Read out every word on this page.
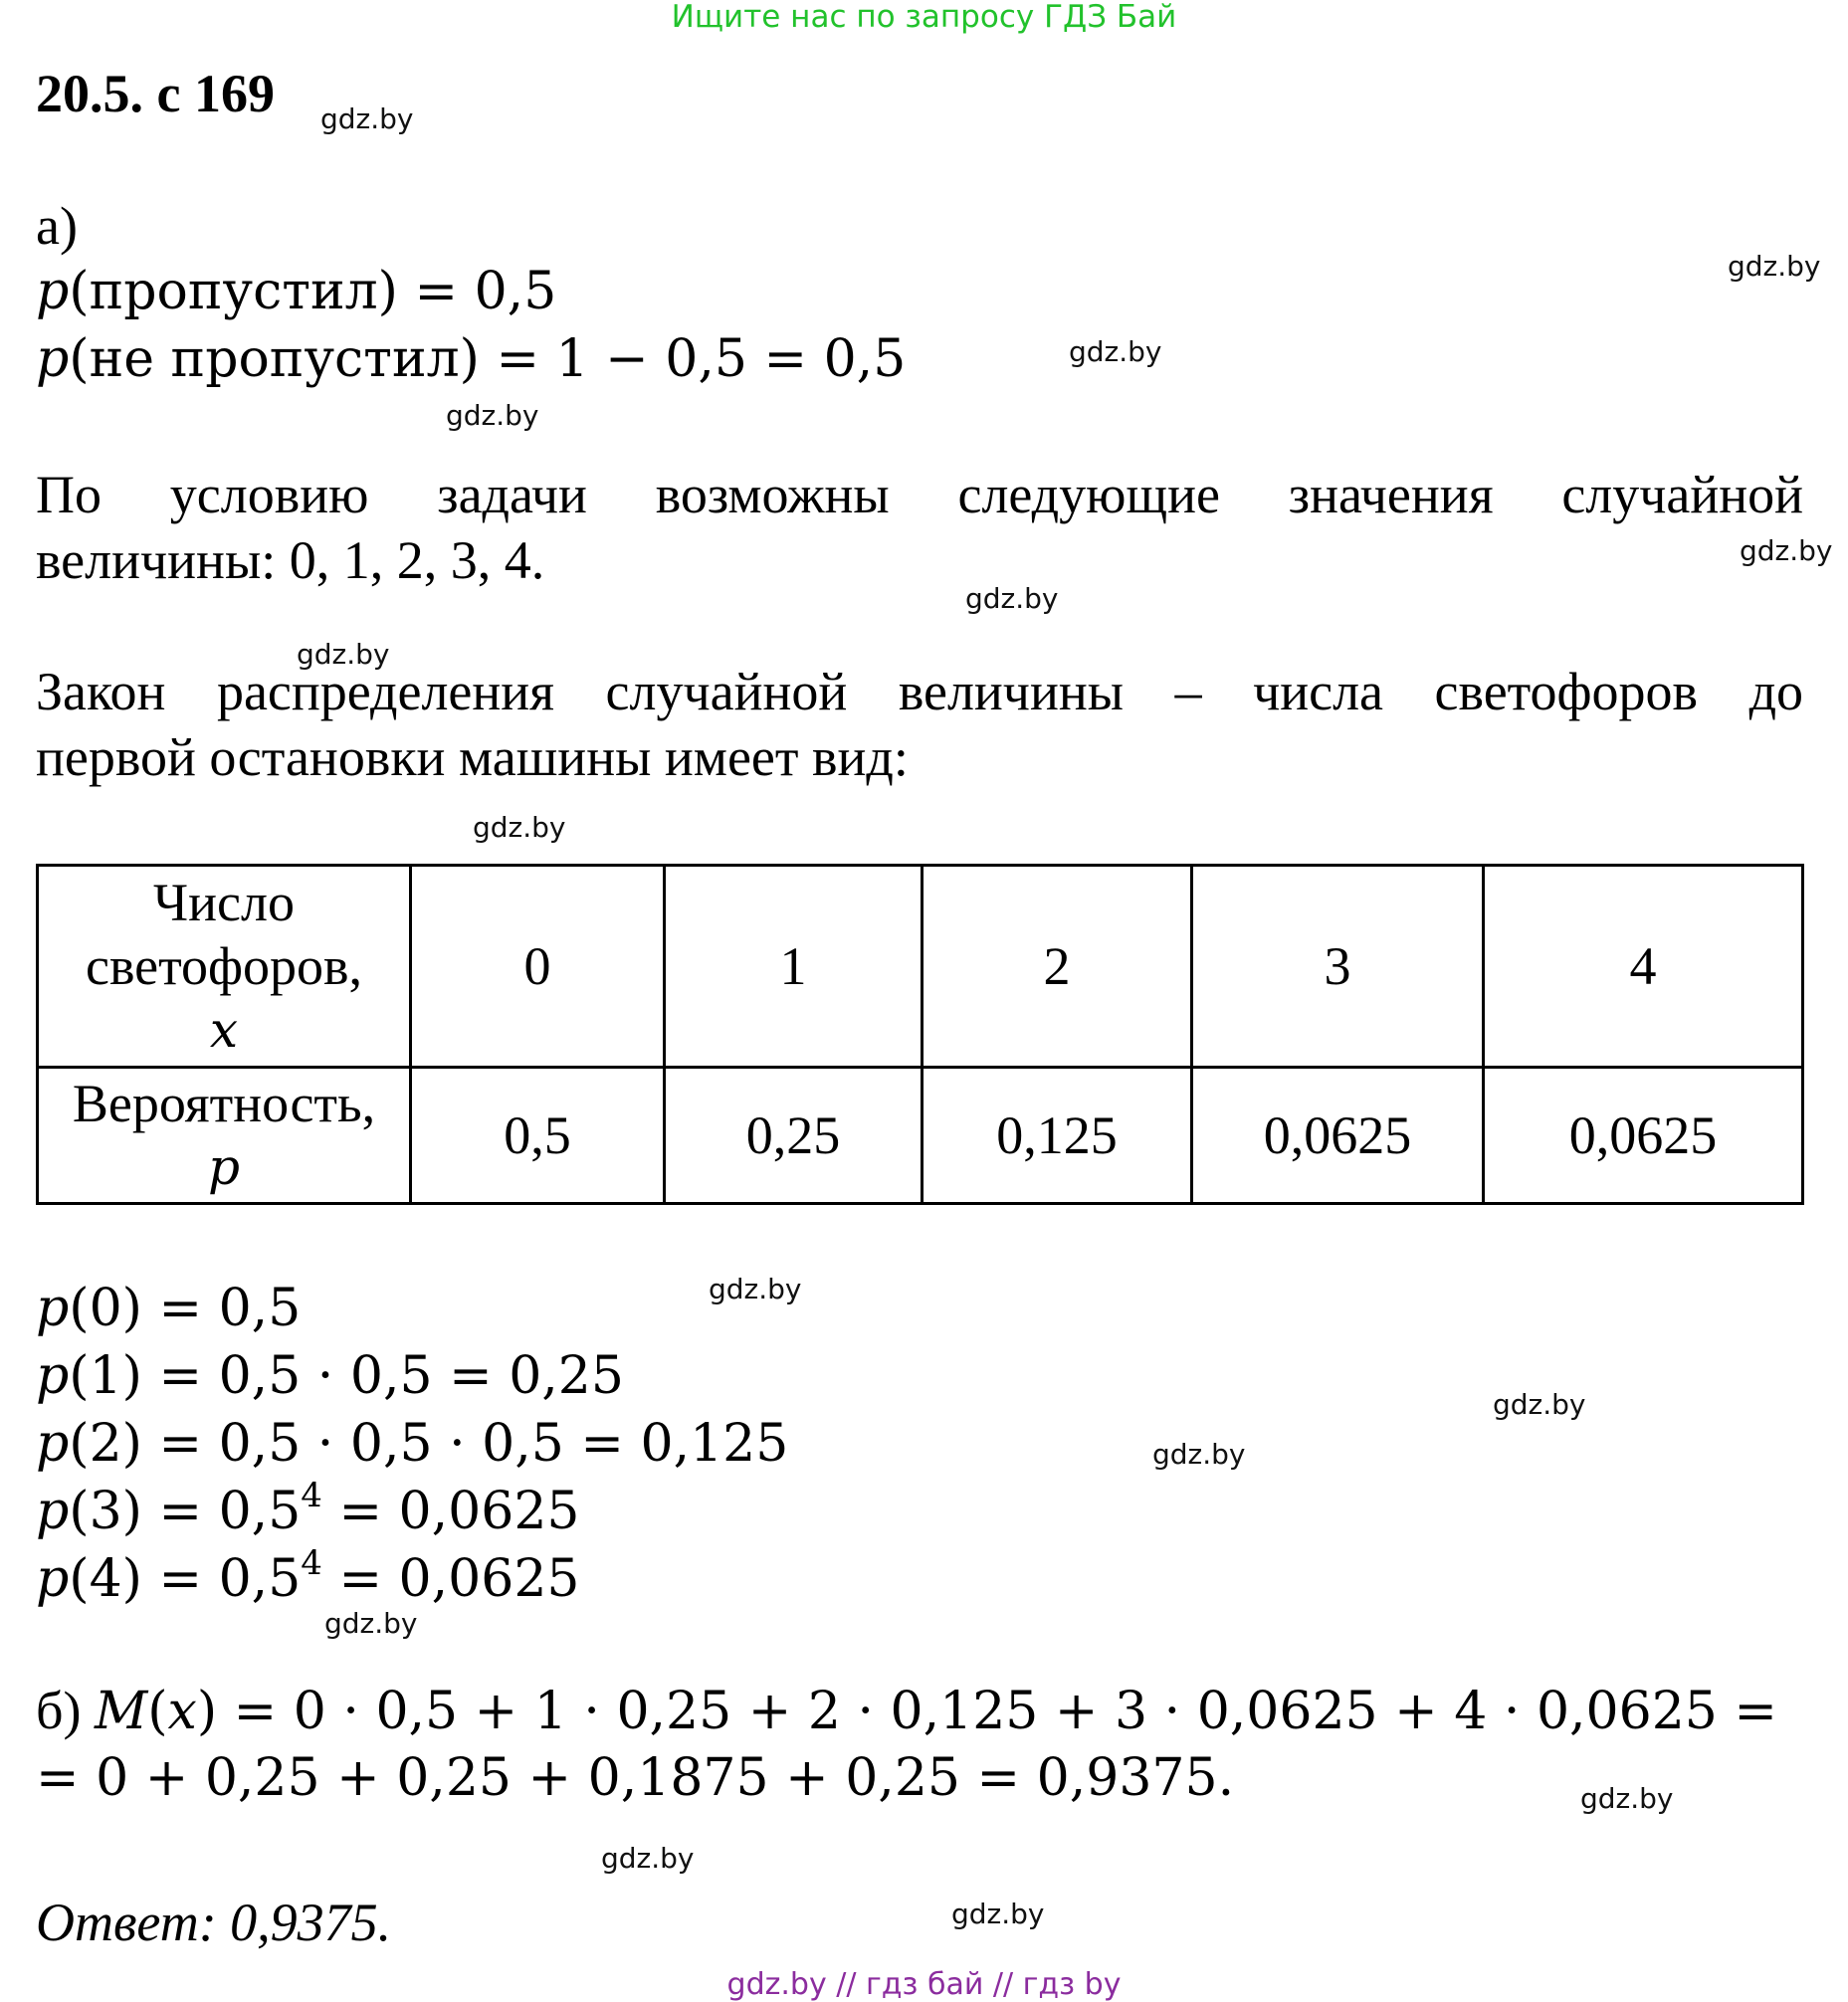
Ищите нас по запросу ГДЗ Бай
20.5. с 169 gdz.by
gdz.by
gdz.by
gdz.by
gdz.by
gdz.by
gdz.by
gdz.by
gdz.by
gdz.by
gdz.by
gdz.by
gdz.by
gdz.by
gdz.by
а)
p(пропустил) = 0,5
p(не пропустил) = 1 − 0,5 = 0,5
По условию задачи возможны следующие значения случайной
величины: 0, 1, 2, 3, 4.
Закон распределения случайной величины – числа светофоров до
первой остановки машины имеет вид:
Число
светофоров,
x	0	1	2	3	4

Вероятность,
p	0,5	0,25	0,125	0,0625	0,0625
p(0) = 0,5
p(1) = 0,5 · 0,5 = 0,25
p(2) = 0,5 · 0,5 · 0,5 = 0,125
$p(3) = 0,5^4 = 0,0625$
$p(4) = 0,5^4 = 0,0625$
б) M(x) = 0 · 0,5 + 1 · 0,25 + 2 · 0,125 + 3 · 0,0625 + 4 · 0,0625 =
= 0 + 0,25 + 0,25 + 0,1875 + 0,25 = 0,9375.
Ответ: 0,9375.
gdz.by // гдз бай // гдз by
